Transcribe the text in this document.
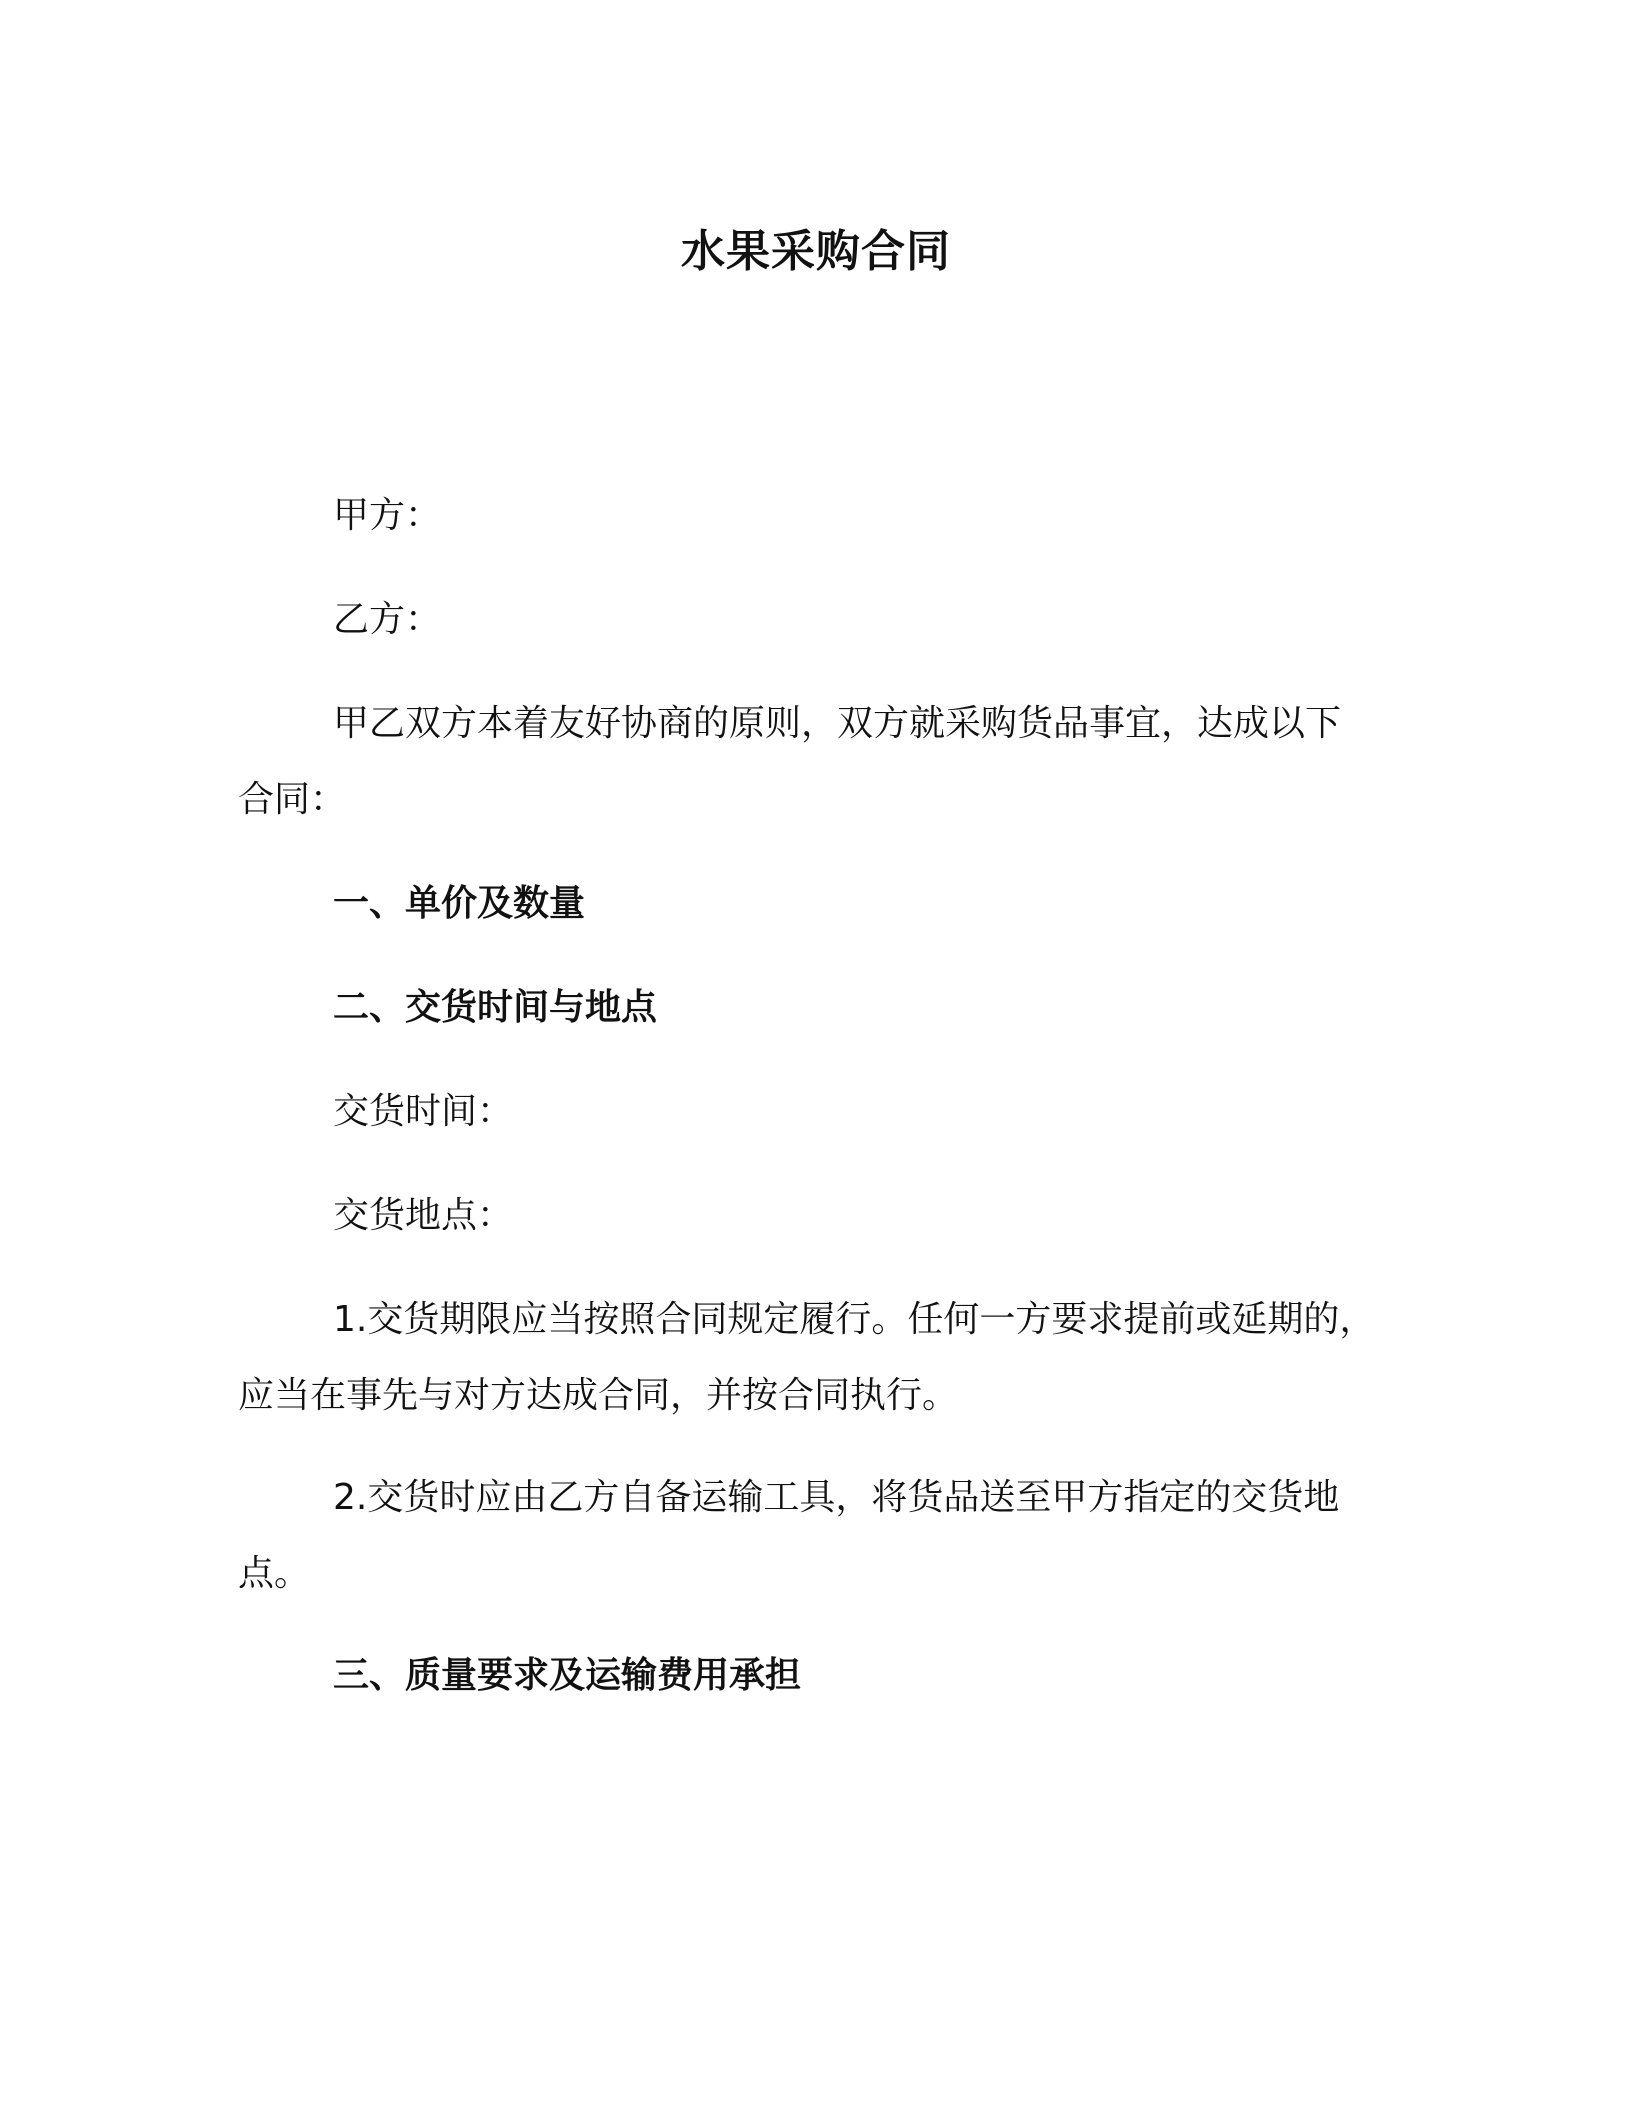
水果采购合同

甲方：

乙方：

甲乙双方本着友好协商的原则，双方就采购货品事宜，达成以下

合同：

一、单价及数量

二、交货时间与地点

交货时间：

交货地点：

1.交货期限应当按照合同规定履行。任何一方要求提前或延期的，

应当在事先与对方达成合同，并按合同执行。

2.交货时应由乙方自备运输工具，将货品送至甲方指定的交货地

点。

三、质量要求及运输费用承担
